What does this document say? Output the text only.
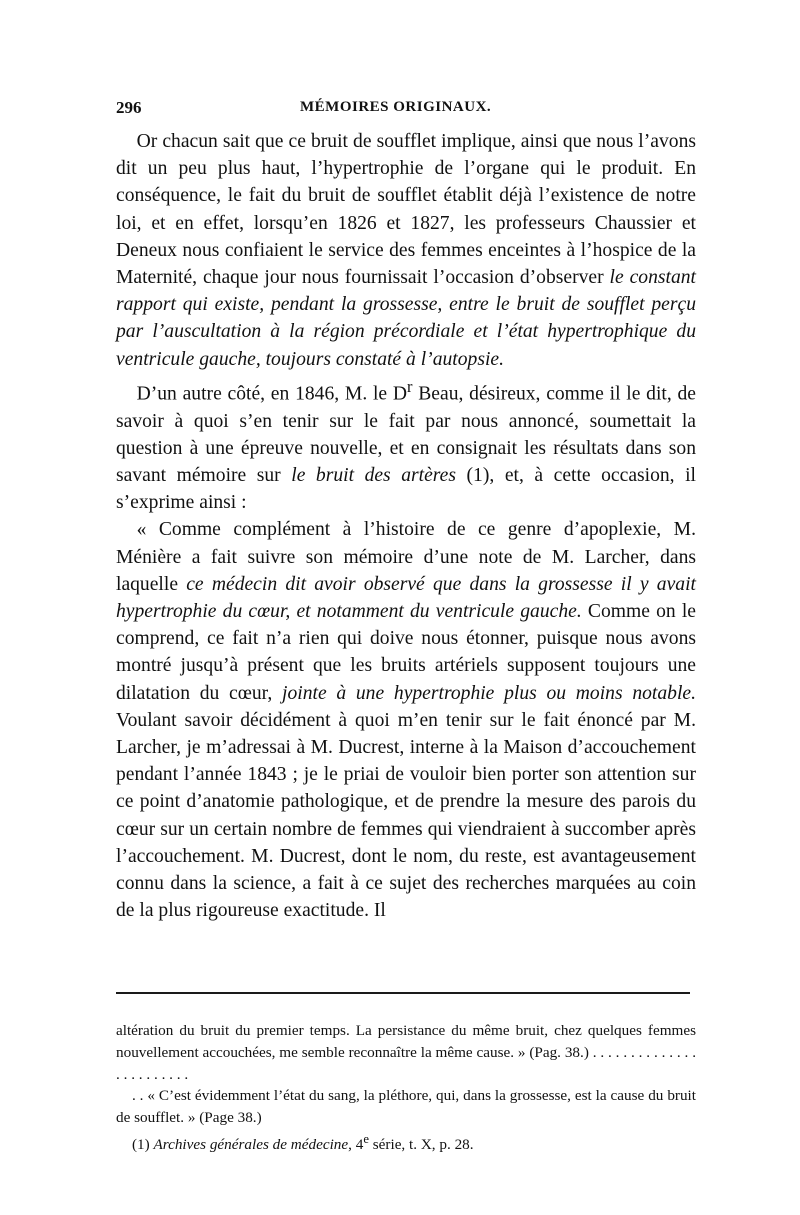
296	MÉMOIRES ORIGINAUX.

Or chacun sait que ce bruit de soufflet implique, ainsi que nous l’avons dit un peu plus haut, l’hypertrophie de l’organe qui le produit. En conséquence, le fait du bruit de soufflet établit déjà l’existence de notre loi, et en effet, lorsqu’en 1826 et 1827, les professeurs Chaussier et Deneux nous confiaient le service des femmes enceintes à l’hospice de la Maternité, chaque jour nous fournissait l’occasion d’observer le constant rapport qui existe, pendant la grossesse, entre le bruit de soufflet perçu par l’auscultation à la région précordiale et l’état hypertrophique du ventricule gauche, toujours constaté à l’autopsie.

D’un autre côté, en 1846, M. le $D^r$ Beau, désireux, comme il le dit, de savoir à quoi s’en tenir sur le fait par nous annoncé, soumettait la question à une épreuve nouvelle, et en consignait les résultats dans son savant mémoire sur le bruit des artères (1), et, à cette occasion, il s’exprime ainsi :

« Comme complément à l’histoire de ce genre d’apoplexie, M. Ménière a fait suivre son mémoire d’une note de M. Larcher, dans laquelle ce médecin dit avoir observé que dans la grossesse il y avait hypertrophie du cœur, et notamment du ventricule gauche. Comme on le comprend, ce fait n’a rien qui doive nous étonner, puisque nous avons montré jusqu’à présent que les bruits artériels supposent toujours une dilatation du cœur, jointe à une hypertrophie plus ou moins notable. Voulant savoir décidément à quoi m’en tenir sur le fait énoncé par M. Larcher, je m’adressai à M. Ducrest, interne à la Maison d’accouchement pendant l’année 1843 ; je le priai de vouloir bien porter son attention sur ce point d’anatomie pathologique, et de prendre la mesure des parois du cœur sur un certain nombre de femmes qui viendraient à succomber après l’accouchement. M. Ducrest, dont le nom, du reste, est avantageusement connu dans la science, a fait à ce sujet des recherches marquées au coin de la plus rigoureuse exactitude. Il

altération du bruit du premier temps. La persistance du même bruit, chez quelques femmes nouvellement accouchées, me semble reconnaître la même cause. » (Pag. 38.) . . . . . . . . . . . . . . . . . . . . . . . .

. . « C’est évidemment l’état du sang, la pléthore, qui, dans la grossesse, est la cause du bruit de soufflet. » (Page 38.)

(1) Archives générales de médecine, 4e série, t. X, p. 28.
